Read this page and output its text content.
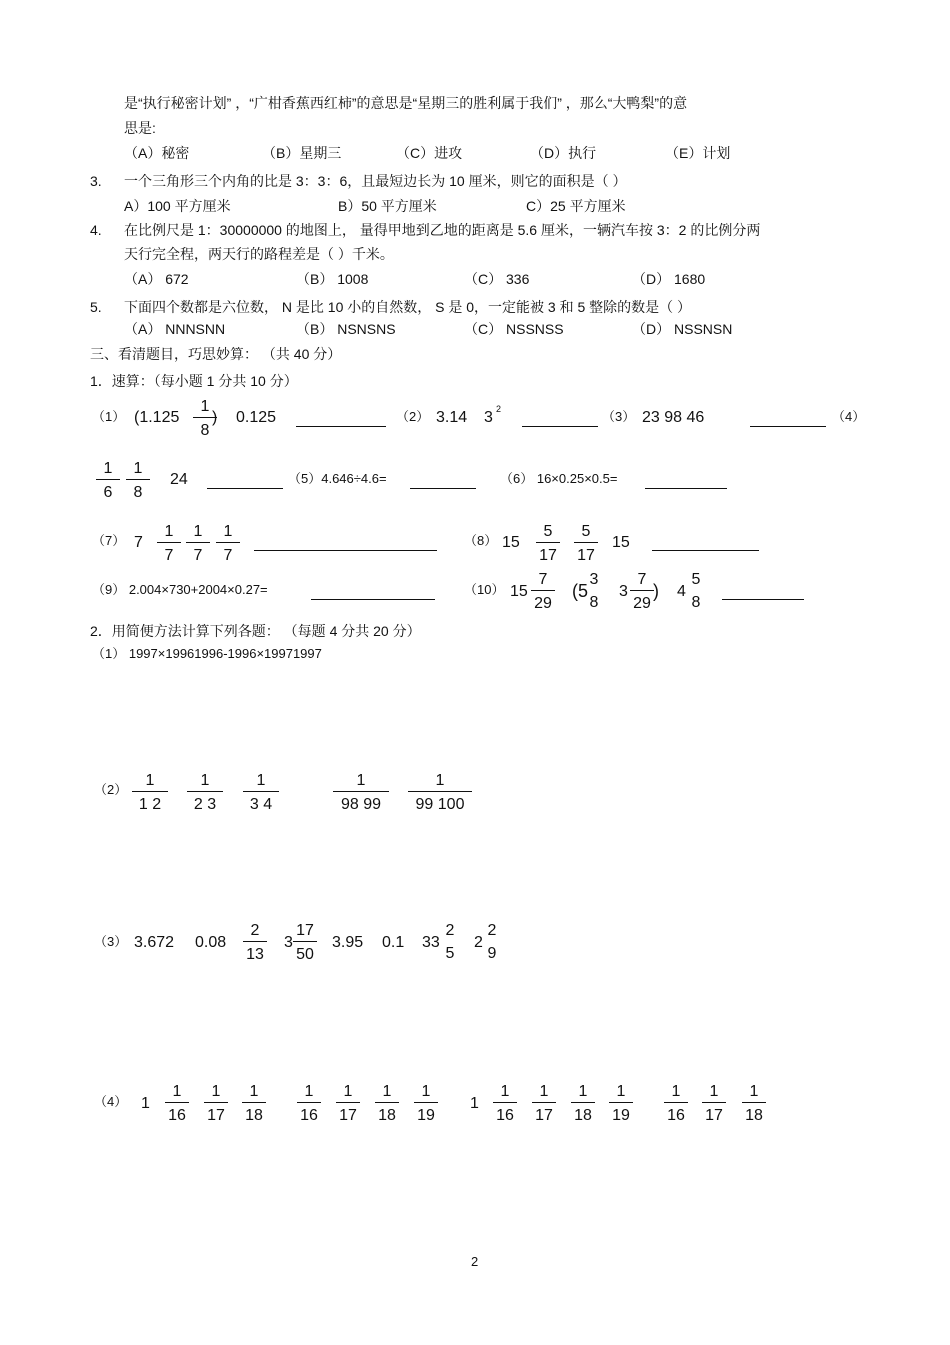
是“执行秘密计划” ，“广柑香蕉西红柿”的意思是“星期三的胜利属于我们” ，那么“大鸭梨”的意
思是:
（A）秘密	（B）星期三	（C）进攻	（D）执行	（E）计划
3. 一个三角形三个内角的比是 3：3：6，且最短边长为 10 厘米，则它的面积是（ ）
A）100 平方厘米	B）50 平方厘米	C）25 平方厘米
4. 在比例尺是 1：30000000 的地图上， 量得甲地到乙地的距离是 5.6 厘米，一辆汽车按 3：2 的比例分两
天行完全程，两天行的路程差是（ ）千米。
（A） 672	（B） 1008	（C） 336	（D） 1680
5. 下面四个数都是六位数， N 是比 10 小的自然数， S 是 0，一定能被 3 和 5 整除的数是（ ）
（A） NNNSNN	（B） NSNSNS	（C） NSSNSS	（D） NSSNSN
三、看清题目，巧思妙算： （共 40 分）
1．速算：（每小题 1 分共 10 分）
（1） ($1.125 \frac{1}{8}$
) 0.125	（2） 3.14 3 2	（3） 23 98 46	（4）
$\frac{1}{6} \frac{1}{8} 24$	（5）4.646÷4.6=	（6） 16×0.25×0.5=
（7） $7 \frac{1}{7} \frac{1}{7} \frac{1}{7}$	（8） $15 \frac{5}{17} \frac{5}{17} 15$
（9） 2.004×730+2004×0.27=	（10） $15 \frac{7}{29} (5$
3
8
$3 \frac{7}{29}$ ) 4
5
8
2．用简便方法计算下列各题： （每题 4 分共 20 分）
（1） 1997×19961996-1996×19971997
$(2) \frac{1}{1 2} \frac{1}{2 3} \frac{1}{3 4}$	$\frac{1}{98 99} \frac{1}{99 100}$
（3） 3.672 $0.08 \frac{2}{13} 3 \frac{17}{50} 3.95$ 0.1 33
2
5
2
2
9
（4） $1 \frac{1}{16} \frac{1}{17} \frac{1}{18} \frac{1}{16} \frac{1}{17} \frac{1}{18} \frac{1}{19} 1 \frac{1}{16} \frac{1}{17} \frac{1}{18} \frac{1}{19} \frac{1}{16} \frac{1}{17} \frac{1}{18}$
2
